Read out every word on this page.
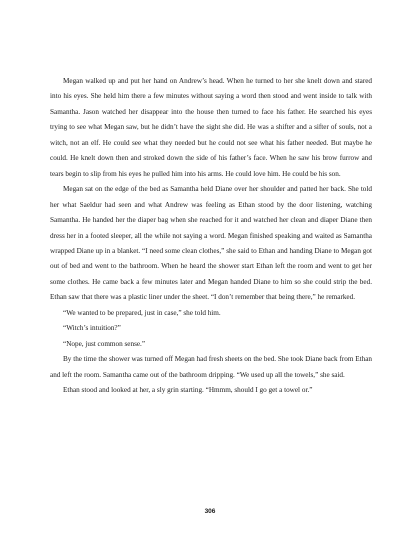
Megan walked up and put her hand on Andrew’s head. When he turned to her she knelt down and stared into his eyes. She held him there a few minutes without saying a word then stood and went inside to talk with Samantha. Jason watched her disappear into the house then turned to face his father. He searched his eyes trying to see what Megan saw, but he didn’t have the sight she did. He was a shifter and a sifter of souls, not a witch, not an elf. He could see what they needed but he could not see what his father needed. But maybe he could. He knelt down then and stroked down the side of his father’s face. When he saw his brow furrow and tears begin to slip from his eyes he pulled him into his arms. He could love him. He could be his son.

Megan sat on the edge of the bed as Samantha held Diane over her shoulder and patted her back. She told her what Saeldur had seen and what Andrew was feeling as Ethan stood by the door listening, watching Samantha. He handed her the diaper bag when she reached for it and watched her clean and diaper Diane then dress her in a footed sleeper, all the while not saying a word. Megan finished speaking and waited as Samantha wrapped Diane up in a blanket. “I need some clean clothes,” she said to Ethan and handing Diane to Megan got out of bed and went to the bathroom. When he heard the shower start Ethan left the room and went to get her some clothes. He came back a few minutes later and Megan handed Diane to him so she could strip the bed. Ethan saw that there was a plastic liner under the sheet. “I don’t remember that being there,” he remarked.

“We wanted to be prepared, just in case,” she told him.

“Witch’s intuition?”

“Nope, just common sense.”

By the time the shower was turned off Megan had fresh sheets on the bed. She took Diane back from Ethan and left the room. Samantha came out of the bathroom dripping. “We used up all the towels,” she said.

Ethan stood and looked at her, a sly grin starting. “Hmmm, should I go get a towel or.”

306
